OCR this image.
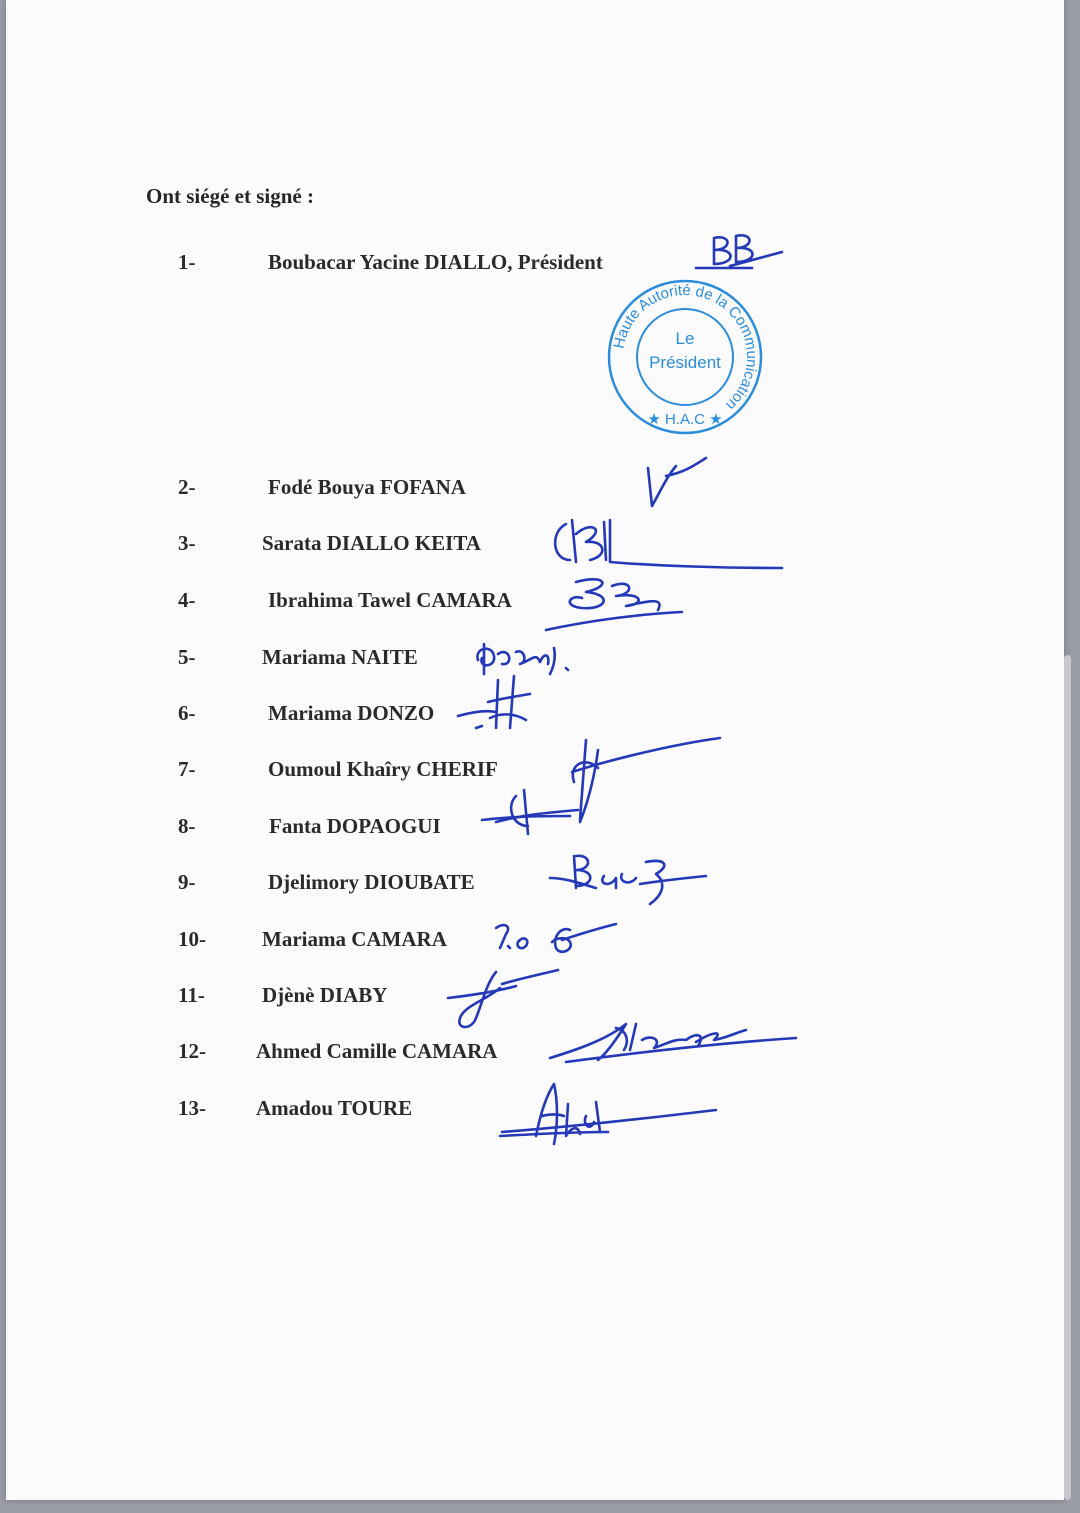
Ont siégé et signé :
1-	Boubacar Yacine DIALLO, Président
2-	Fodé Bouya FOFANA
3-	Sarata DIALLO KEITA
4-	Ibrahima Tawel CAMARA
5-	Mariama NAITE
6-	Mariama DONZO
7-	Oumoul Khaîry CHERIF
8-	Fanta DOPAOGUI
9-	Djelimory DIOUBATE
10-	Mariama CAMARA
11-	Djènè DIABY
12- Ahmed Camille CAMARA
13- Amadou TOURE
Haute Autorité de la Communication
Le
Président
★ H.A.C ★
